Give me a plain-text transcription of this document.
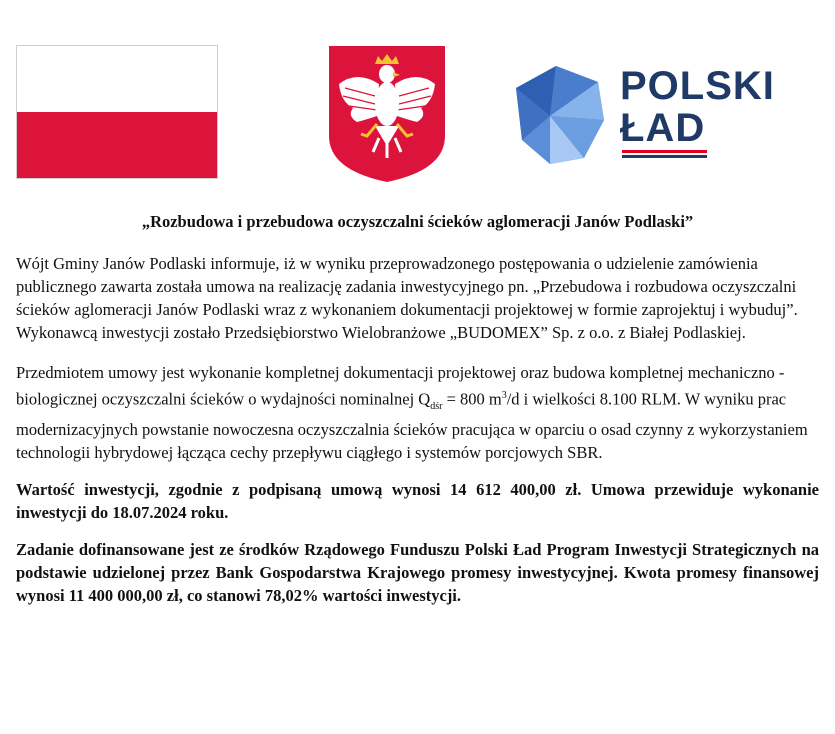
POLSKI
ŁAD
„Rozbudowa i przebudowa oczyszczalni ścieków aglomeracji Janów Podlaski”

Wójt Gminy Janów Podlaski informuje, iż w wyniku przeprowadzonego postępowania o udzielenie zamówienia publicznego zawarta została umowa na realizację zadania inwestycyjnego pn. „Przebudowa i rozbudowa oczyszczalni ścieków aglomeracji Janów Podlaski wraz z wykonaniem dokumentacji projektowej w formie zaprojektuj i wybuduj”. Wykonawcą inwestycji zostało Przedsiębiorstwo Wielobranżowe „BUDOMEX” Sp. z o.o. z Białej Podlaskiej.

Przedmiotem umowy jest wykonanie kompletnej dokumentacji projektowej oraz budowa kompletnej mechaniczno - biologicznej oczyszczalni ścieków o wydajności nominalnej $Q_{dśr} = 800$ $m^3/d$ i wielkości 8.100 RLM. W wyniku prac modernizacyjnych powstanie nowoczesna oczyszczalnia ścieków pracująca w oparciu o osad czynny z wykorzystaniem technologii hybrydowej łącząca cechy przepływu ciągłego i systemów porcjowych SBR.

Wartość inwestycji, zgodnie z podpisaną umową wynosi 14 612 400,00 zł. Umowa przewiduje wykonanie inwestycji do 18.07.2024 roku.

Zadanie dofinansowane jest ze środków Rządowego Funduszu Polski Ład Program Inwestycji Strategicznych na podstawie udzielonej przez Bank Gospodarstwa Krajowego promesy inwestycyjnej. Kwota promesy finansowej wynosi 11 400 000,00 zł, co stanowi 78,02% wartości inwestycji.
